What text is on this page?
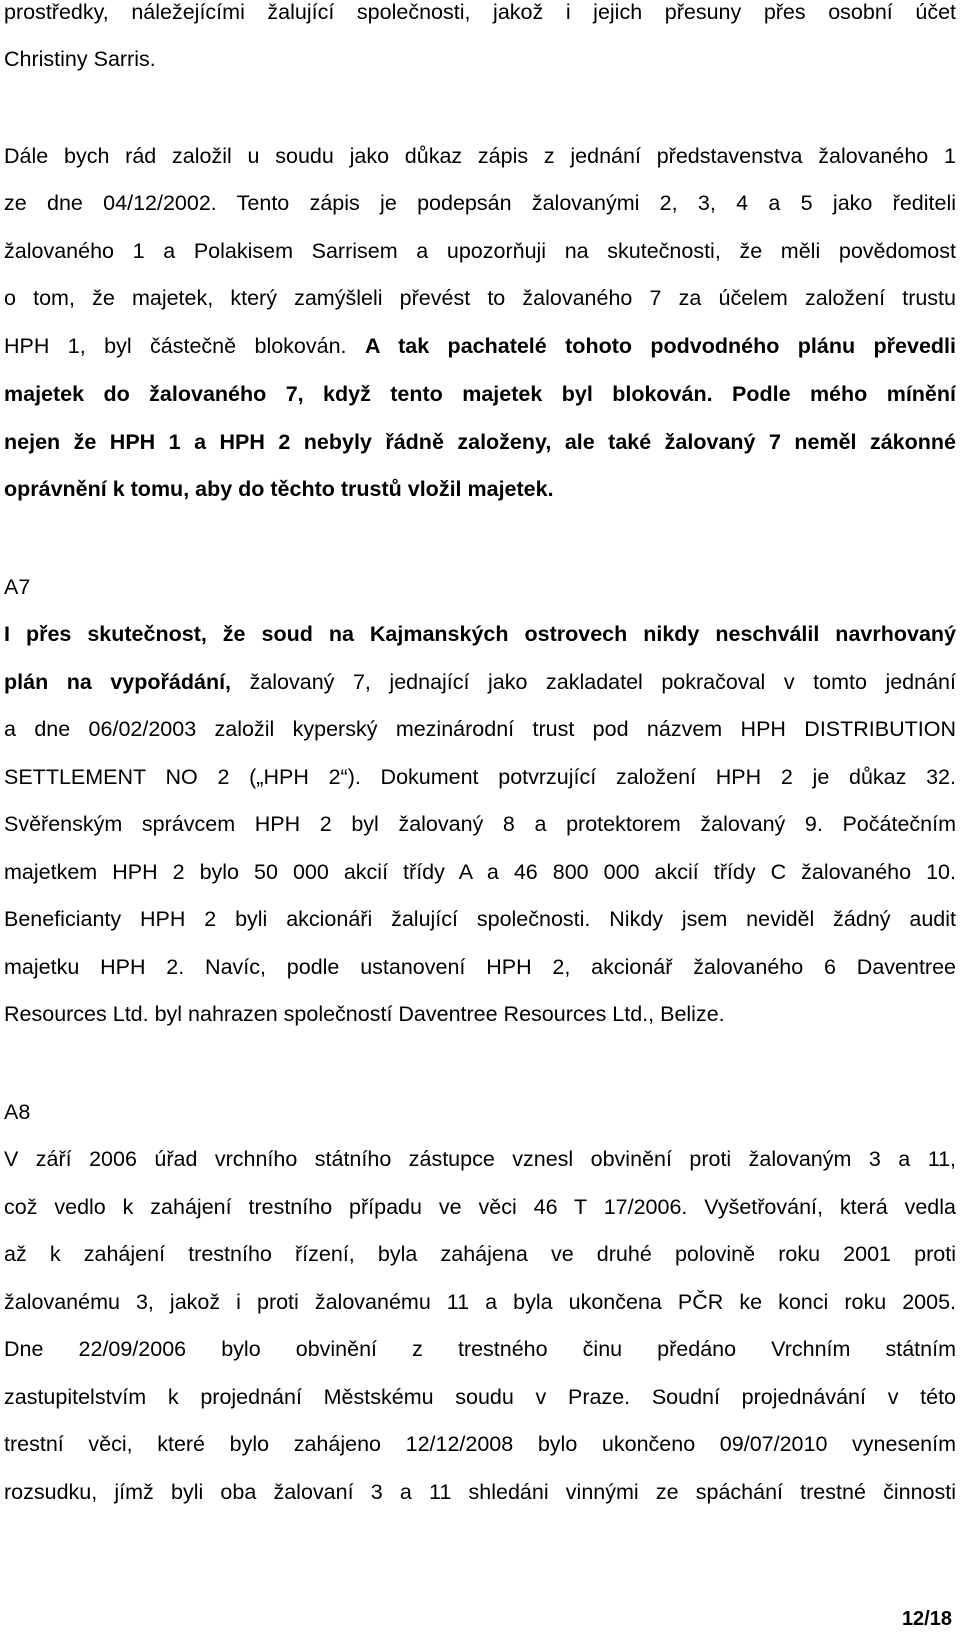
prostředky, náležejícími žalující společnosti, jakož i jejich přesuny přes osobní účet
Christiny Sarris.
Dále bych rád založil u soudu jako důkaz zápis z jednání představenstva žalovaného 1
ze dne 04/12/2002. Tento zápis je podepsán žalovanými 2, 3, 4 a 5 jako řediteli
žalovaného 1 a Polakisem Sarrisem a upozorňuji na skutečnosti, že měli povědomost
o tom, že majetek, který zamýšleli převést to žalovaného 7 za účelem založení trustu
HPH 1, byl částečně blokován. A tak pachatelé tohoto podvodného plánu převedli
majetek do žalovaného 7, když tento majetek byl blokován. Podle mého mínění
nejen že HPH 1 a HPH 2 nebyly řádně založeny, ale také žalovaný 7 neměl zákonné
oprávnění k tomu, aby do těchto trustů vložil majetek.
A7
I přes skutečnost, že soud na Kajmanských ostrovech nikdy neschválil navrhovaný
plán na vypořádání, žalovaný 7, jednající jako zakladatel pokračoval v tomto jednání
a dne 06/02/2003 založil kyperský mezinárodní trust pod názvem HPH DISTRIBUTION
SETTLEMENT NO 2 („HPH 2“). Dokument potvrzující založení HPH 2 je důkaz 32.
Svěřenským správcem HPH 2 byl žalovaný 8 a protektorem žalovaný 9. Počátečním
majetkem HPH 2 bylo 50 000 akcií třídy A a 46 800 000 akcií třídy C žalovaného 10.
Beneficianty HPH 2 byli akcionáři žalující společnosti. Nikdy jsem neviděl žádný audit
majetku HPH 2. Navíc, podle ustanovení HPH 2, akcionář žalovaného 6 Daventree
Resources Ltd. byl nahrazen společností Daventree Resources Ltd., Belize.
A8
V září 2006 úřad vrchního státního zástupce vznesl obvinění proti žalovaným 3 a 11,
což vedlo k zahájení trestního případu ve věci 46 T 17/2006. Vyšetřování, která vedla
až k zahájení trestního řízení, byla zahájena ve druhé polovině roku 2001 proti
žalovanému 3, jakož i proti žalovanému 11 a byla ukončena PČR ke konci roku 2005.
Dne 22/09/2006 bylo obvinění z trestného činu předáno Vrchním státním
zastupitelstvím k projednání Městskému soudu v Praze. Soudní projednávání v této
trestní věci, které bylo zahájeno 12/12/2008 bylo ukončeno 09/07/2010 vynesením
rozsudku, jímž byli oba žalovaní 3 a 11 shledáni vinnými ze spáchání trestné činnosti
12/18
